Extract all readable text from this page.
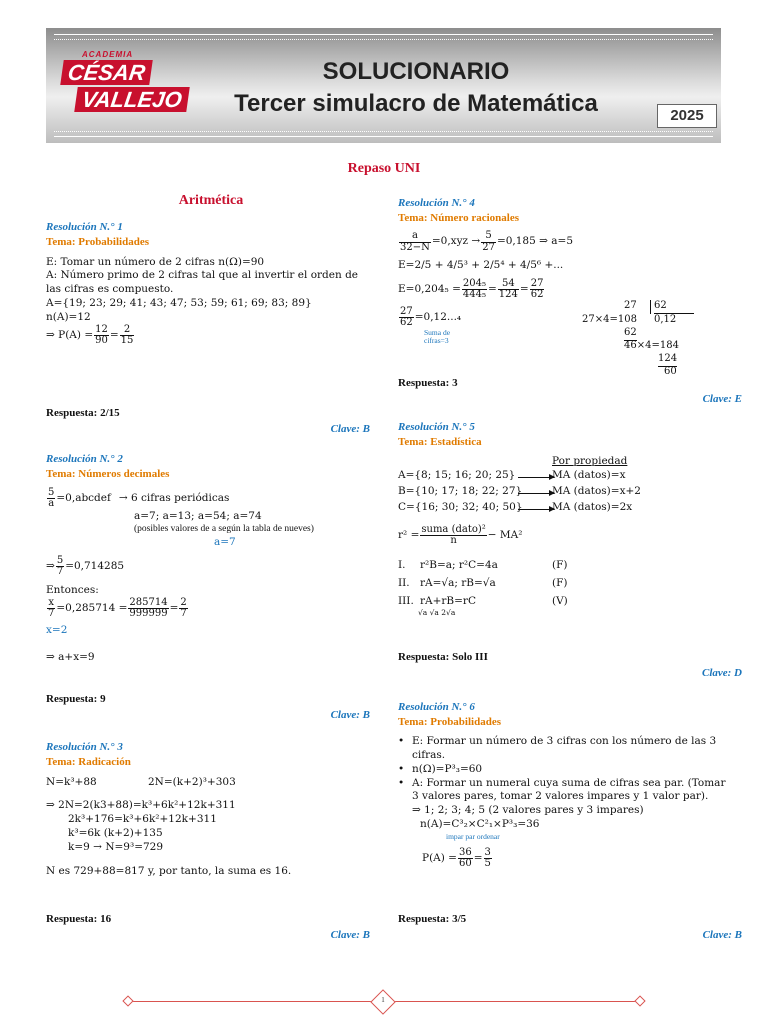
ACADEMIA
CÉSAR
VALLEJO
SOLUCIONARIO
Tercer simulacro de Matemática	2025
Repaso UNI
Aritmética
Resolución N.° 1
Tema: Probabilidades
E: Tomar un número de 2 cifras n(Ω)=90
A: Número primo de 2 cifras tal que al invertir el orden de las cifras es compuesto.
A={19; 23; 29; 41; 43; 47; 53; 59; 61; 69; 83; 89}
n(A)=12
⇒ $P(A) = \frac{12}{90} = \frac{2}{15}$
Respuesta: 2/15
Clave: B
Resolución N.° 2
Tema: Números decimales
$\frac{5}{a}$ =0,abcdef → 6 cifras periódicas
a=7; a=13; a=54; a=74
(posibles valores de a según la tabla de nueves)
a=7
⇒ $\frac{5}{7} =0,714285$
Entonces:
$\frac{x}{7} =0,285714 = \frac{285714}{999999} = \frac{2}{7}$
x=2
⇒ a+x=9
Respuesta: 9
Clave: B
Resolución N.° 3
Tema: Radicación
N=k³+88	2N=(k+2)³+303
⇒ 2N=2(k3+88)=k³+6k²+12k+311
2k³+176=k³+6k²+12k+311
k³=6k (k+2)+135
k=9 → N=9³=729
N es 729+88=817 y, por tanto, la suma es 16.
Respuesta: 16
Clave: B
Resolución N.° 4
Tema: Número racionales
$\frac{a}{32-N} =0,xyz \to \frac{5}{27} =0,185$ ⇒ a=5
E=2/5 + 4/5³ + 2/5⁴ + 4/5⁶ +...
$E=0,204_5 = \frac{\text{204₅}}{\text{444₅}} = \frac{54}{124} = \frac{27}{62}$
$\frac{27}{62} =0,12..._4$
Suma de cifras=3
27 62
27×4=108 0,12
62
46×4=184
124
60
Respuesta: 3
Clave: E
Resolución N.° 5
Tema: Estadística
Por propiedad
A={8; 15; 16; 20; 25}	MA (datos)=x
B={10; 17; 18; 22; 27}	MA (datos)=x+2
C={16; 30; 32; 40; 50}	MA (datos)=2x
$r^2 = \frac{\text{suma (dato)²}}{n} - MA^2$
I. r²B=a; r²C=4a	(F)
II. rA=√a; rB=√a	(F)
III. rA+rB=rC	(V)
√a √a 2√a
Respuesta: Solo III
Clave: D
Resolución N.° 6
Tema: Probabilidades
• E: Formar un número de 3 cifras con los número de las 3 cifras.
• n(Ω)=P³₃=60
• A: Formar un numeral cuya suma de cifras sea par. (Tomar 3 valores pares, tomar 2 valores impares y 1 valor par).
⇒ 1; 2; 3; 4; 5 (2 valores pares y 3 impares)
n(A)=C³₂×C²₁×P³₃=36
impar par ordenar
$P(A) = \frac{36}{60} = \frac{3}{5}$
Respuesta: 3/5
Clave: B
1
